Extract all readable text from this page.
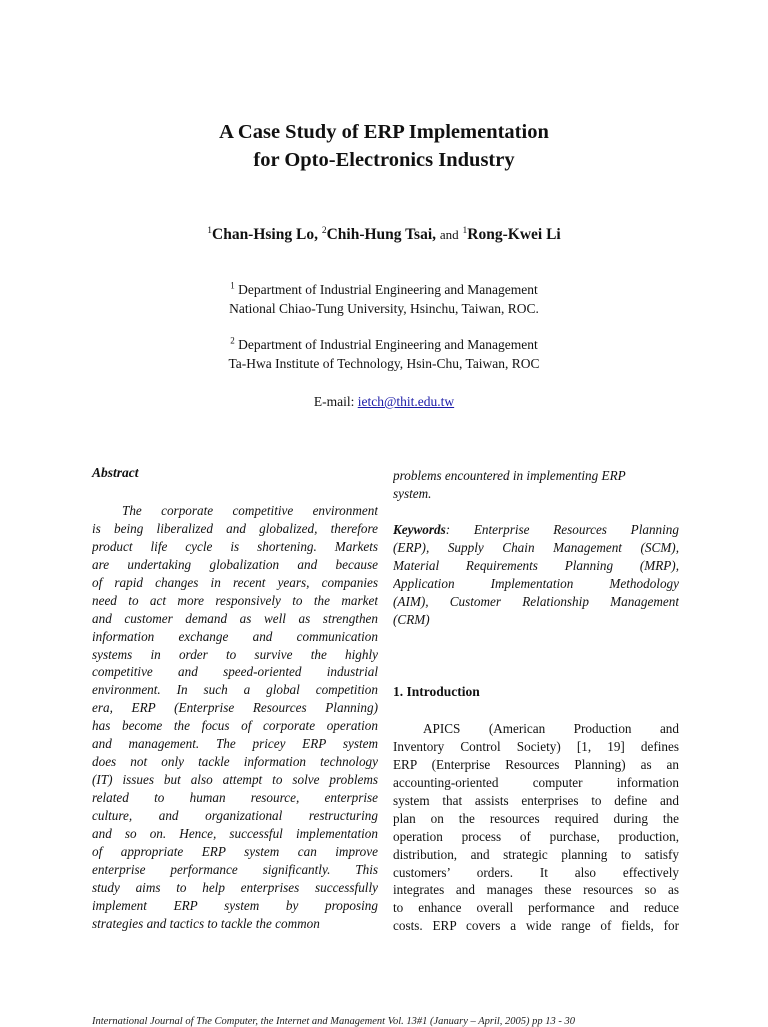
A Case Study of ERP Implementation
for Opto-Electronics Industry
$^1$Chan-Hsing Lo, $^2$Chih-Hung Tsai, and $^1$Rong-Kwei Li
$^1$ Department of Industrial Engineering and Management
National Chiao-Tung University, Hsinchu, Taiwan, ROC.
$^2$ Department of Industrial Engineering and Management
Ta-Hwa Institute of Technology, Hsin-Chu, Taiwan, ROC
E-mail: ietch@thit.edu.tw
Abstract
The corporate competitive environment
is being liberalized and globalized, therefore
product life cycle is shortening. Markets
are undertaking globalization and because
of rapid changes in recent years, companies
need to act more responsively to the market
and customer demand as well as strengthen
information exchange and communication
systems in order to survive the highly
competitive and speed-oriented industrial
environment. In such a global competition
era, ERP (Enterprise Resources Planning)
has become the focus of corporate operation
and management. The pricey ERP system
does not only tackle information technology
(IT) issues but also attempt to solve problems
related to human resource, enterprise
culture, and organizational restructuring
and so on. Hence, successful implementation
of appropriate ERP system can improve
enterprise performance significantly. This
study aims to help enterprises successfully
implement ERP system by proposing
strategies and tactics to tackle the common
problems encountered in implementing ERP
system.
Keywords: Enterprise Resources Planning
(ERP), Supply Chain Management (SCM),
Material Requirements Planning (MRP),
Application Implementation Methodology
(AIM), Customer Relationship Management
(CRM)
1. Introduction
APICS (American Production and
Inventory Control Society) [1, 19] defines
ERP (Enterprise Resources Planning) as an
accounting-oriented computer information
system that assists enterprises to define and
plan on the resources required during the
operation process of purchase, production,
distribution, and strategic planning to satisfy
customers’ orders. It also effectively
integrates and manages these resources so as
to enhance overall performance and reduce
costs. ERP covers a wide range of fields, for
International Journal of The Computer, the Internet and Management Vol. 13#1 (January – April, 2005) pp 13 - 30
